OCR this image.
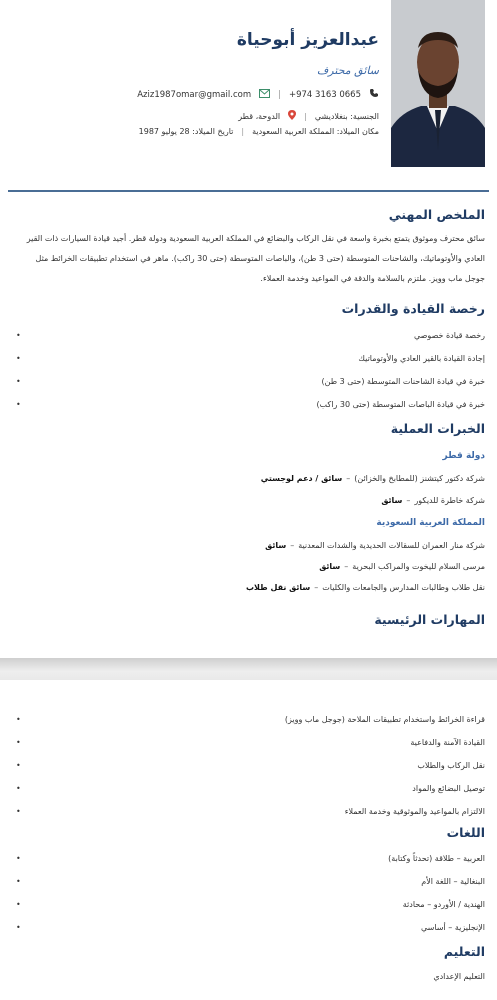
عبدالعزيز أبوحياة
سائق محترف
+974 3163 0665
|
Aziz1987omar@gmail.com
الجنسية: بنغلاديشي
|
الدوحة، قطر
مكان الميلاد: المملكة العربية السعودية
|
تاريخ الميلاد: 28 يوليو 1987
الملخص المهني
سائق محترف وموثوق يتمتع بخبرة واسعة في نقل الركاب والبضائع في المملكة العربية السعودية ودولة قطر. أجيد قيادة السيارات ذات القير
العادي والأوتوماتيك، والشاحنات المتوسطة (حتى 3 طن)، والباصات المتوسطة (حتى 30 راكب). ماهر في استخدام تطبيقات الخرائط مثل
جوجل ماب وويز. ملتزم بالسلامة والدقة في المواعيد وخدمة العملاء.
رخصة القيادة والقدرات
• رخصة قيادة خصوصي
• إجادة القيادة بالقير العادي والأوتوماتيك
• خبرة في قيادة الشاحنات المتوسطة (حتى 3 طن)
• خبرة في قيادة الباصات المتوسطة (حتى 30 راكب)
الخبرات العملية
دولة قطر
شركة دكتور كيتشنز (للمطابخ والخزائن)–سائق / دعم لوجستي
شركة خاطرة للديكور–سائق
المملكة العربية السعودية
شركة منار العمران للسقالات الحديدية والشدات المعدنية–سائق
مرسى السلام لليخوت والمراكب البحرية–سائق
نقل طلاب وطالبات المدارس والجامعات والكليات–سائق نقل طلاب
المهارات الرئيسية
• قراءة الخرائط واستخدام تطبيقات الملاحة (جوجل ماب وويز)
• القيادة الآمنة والدفاعية
• نقل الركاب والطلاب
• توصيل البضائع والمواد
• الالتزام بالمواعيد والموثوقية وخدمة العملاء
اللغات
• العربية – طلاقة (تحدثاً وكتابة)
• البنغالية – اللغة الأم
• الهندية / الأوردو – محادثة
• الإنجليزية – أساسي
التعليم
التعليم الإعدادي
